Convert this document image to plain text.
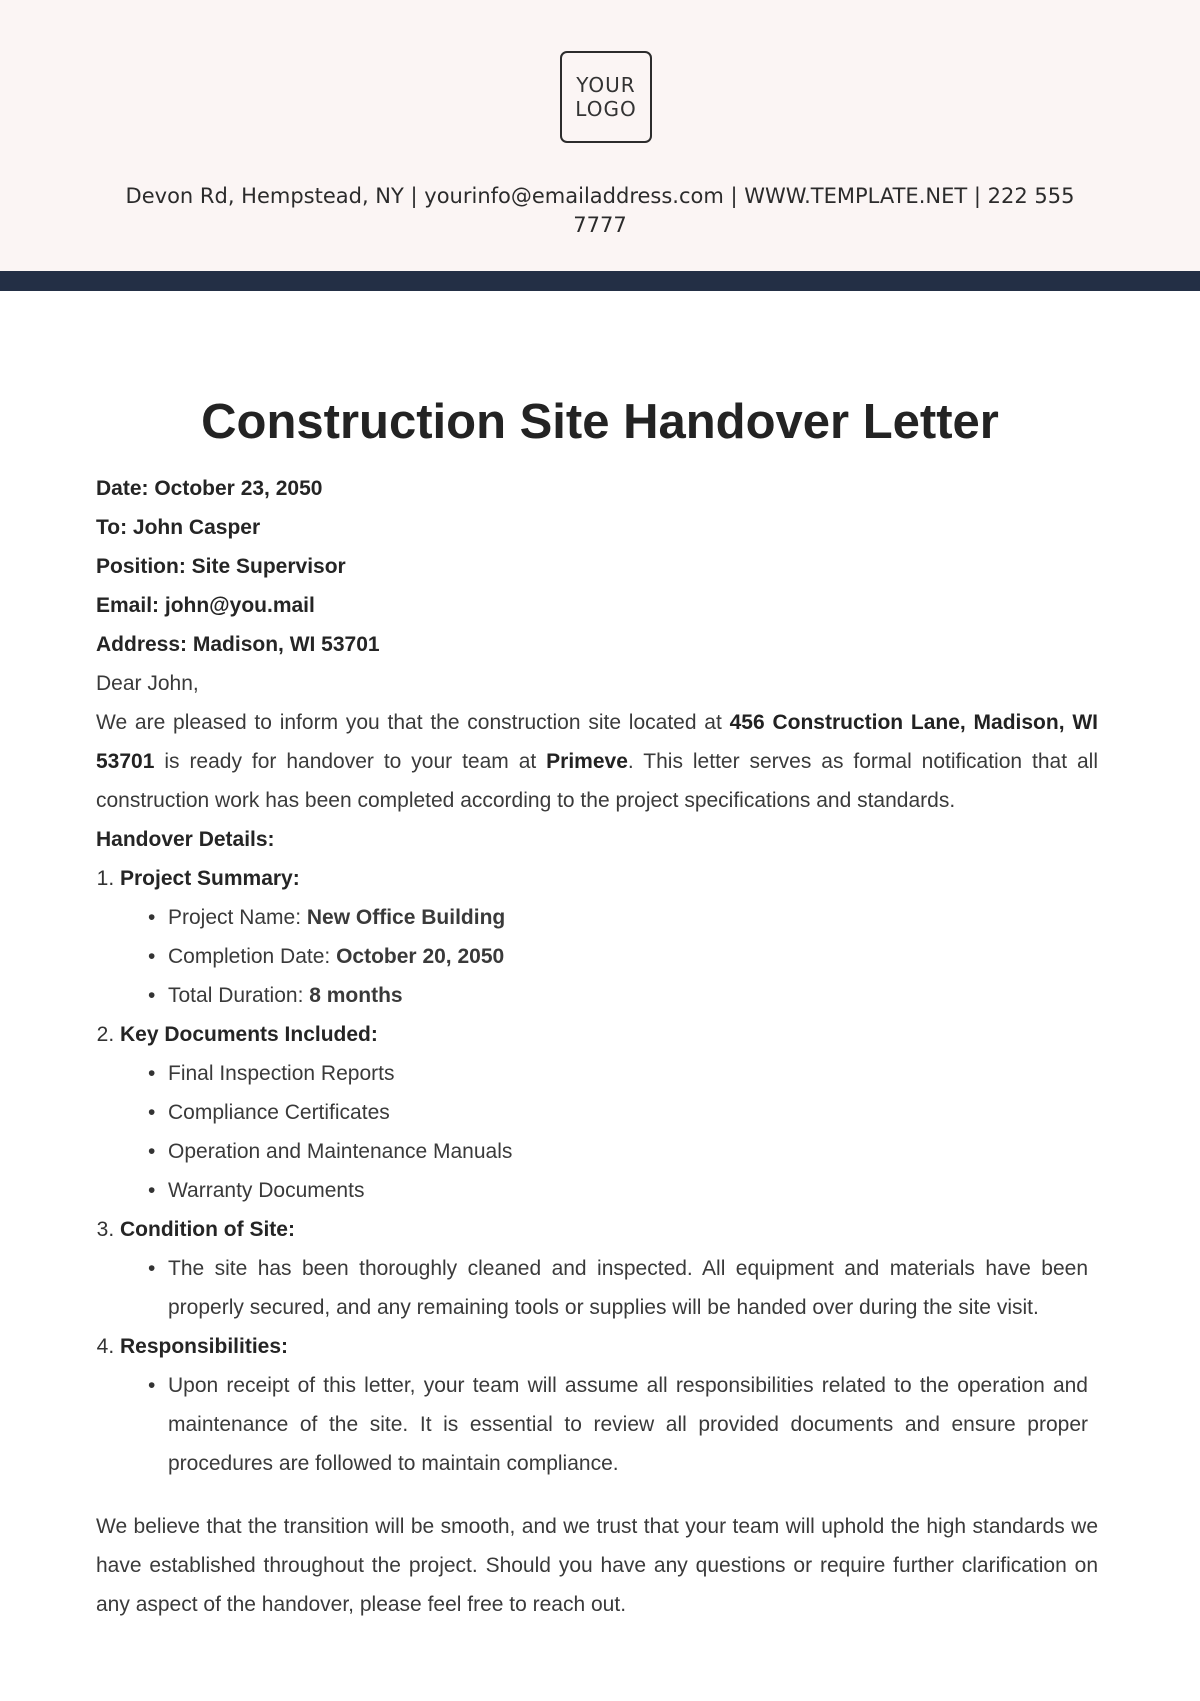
YOUR
LOGO
Devon Rd, Hempstead, NY | yourinfo@emailaddress.com | WWW.TEMPLATE.NET | 222 555 7777
Construction Site Handover Letter

Date: October 23, 2050

To: John Casper

Position: Site Supervisor

Email: john@you.mail

Address: Madison, WI 53701

Dear John,

We are pleased to inform you that the construction site located at 456 Construction Lane, Madison, WI 53701 is ready for handover to your team at Primeve. This letter serves as formal notification that all construction work has been completed according to the project specifications and standards.

Handover Details:

1. Project Summary:
• Project Name: New Office Building
• Completion Date: October 20, 2050
• Total Duration: 8 months
2. Key Documents Included:
• Final Inspection Reports
• Compliance Certificates
• Operation and Maintenance Manuals
• Warranty Documents
3. Condition of Site:
• The site has been thoroughly cleaned and inspected. All equipment and materials have been properly secured, and any remaining tools or supplies will be handed over during the site visit.
4. Responsibilities:
• Upon receipt of this letter, your team will assume all responsibilities related to the operation and maintenance of the site. It is essential to review all provided documents and ensure proper procedures are followed to maintain compliance.

We believe that the transition will be smooth, and we trust that your team will uphold the high standards we have established throughout the project. Should you have any questions or require further clarification on any aspect of the handover, please feel free to reach out.
